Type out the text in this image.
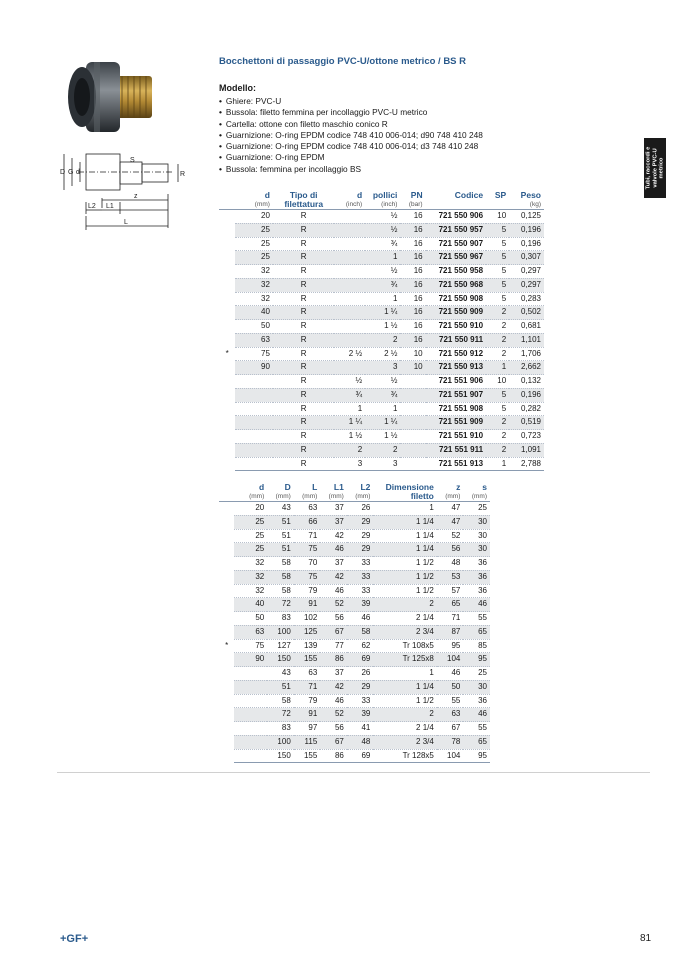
D G d
S
R
z
L2 L1
L
Bocchettoni di passaggio PVC-U/ottone metrico / BS R
Modello:
• Ghiere: PVC-U
• Bussola: filetto femmina per incollaggio PVC-U metrico
• Cartella: ottone con filetto maschio conico R
• Guarnizione: O-ring EPDM codice 748 410 006-014; d90 748 410 248
• Guarnizione: O-ring EPDM codice 748 410 006-014; d3 748 410 248
• Guarnizione: O-ring EPDM
• Bussola: femmina per incollaggio BS	Tubi, raccordi e valvole PVC-U metrico
	d	Tipo di	d	pollici	PN	Codice	SP	Peso
	(mm)	filettatura	(inch)	(inch)	(bar)			(kg)
	20	R		½	16	721 550 906	10	0,125
	25	R		½	16	721 550 957	5	0,196
	25	R		¾	16	721 550 907	5	0,196
	25	R		1	16	721 550 967	5	0,307
	32	R		½	16	721 550 958	5	0,297
	32	R		¾	16	721 550 968	5	0,297
	32	R		1	16	721 550 908	5	0,283
	40	R		1 ¼	16	721 550 909	2	0,502
	50	R		1 ½	16	721 550 910	2	0,681
	63	R		2	16	721 550 911	2	1,101
*	75	R	2 ½	2 ½	10	721 550 912	2	1,706
	90	R		3	10	721 550 913	1	2,662
		R	½	½		721 551 906	10	0,132
		R	¾	¾		721 551 907	5	0,196
		R	1	1		721 551 908	5	0,282
		R	1 ¼	1 ¼		721 551 909	2	0,519
		R	1 ½	1 ½		721 551 910	2	0,723
		R	2	2		721 551 911	2	1,091
		R	3	3		721 551 913	1	2,788
	d	D	L	L1	L2	Dimensione	z	s
	(mm)	(mm)	(mm)	(mm)	(mm)	filetto	(mm)	(mm)
	20	43	63	37	26	1	47	25
	25	51	66	37	29	1 1/4	47	30
	25	51	71	42	29	1 1/4	52	30
	25	51	75	46	29	1 1/4	56	30
	32	58	70	37	33	1 1/2	48	36
	32	58	75	42	33	1 1/2	53	36
	32	58	79	46	33	1 1/2	57	36
	40	72	91	52	39	2	65	46
	50	83	102	56	46	2 1/4	71	55
	63	100	125	67	58	2 3/4	87	65
*	75	127	139	77	62	Tr 108x5	95	85
	90	150	155	86	69	Tr 125x8	104	95
		43	63	37	26	1	46	25
		51	71	42	29	1 1/4	50	30
		58	79	46	33	1 1/2	55	36
		72	91	52	39	2	63	46
		83	97	56	41	2 1/4	67	55
		100	115	67	48	2 3/4	78	65
		150	155	86	69	Tr 128x5	104	95
+GF+	81
